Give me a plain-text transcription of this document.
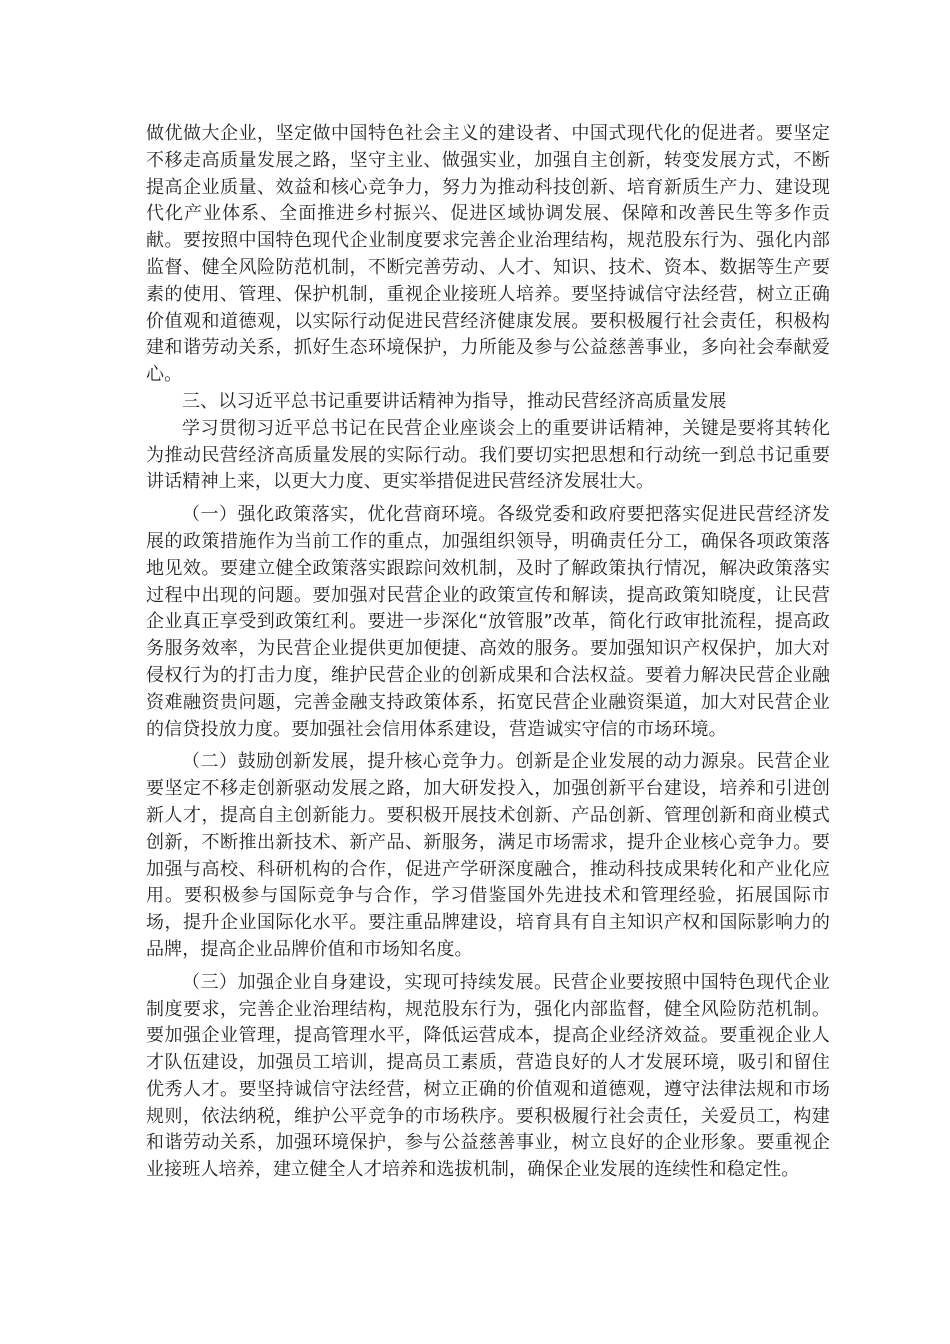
做优做大企业，坚定做中国特色社会主义的建设者、中国式现代化的促进者。要坚定不移走高质量发展之路，坚守主业、做强实业，加强自主创新，转变发展方式，不断提高企业质量、效益和核心竞争力，努力为推动科技创新、培育新质生产力、建设现代化产业体系、全面推进乡村振兴、促进区域协调发展、保障和改善民生等多作贡献。要按照中国特色现代企业制度要求完善企业治理结构，规范股东行为、强化内部监督、健全风险防范机制，不断完善劳动、人才、知识、技术、资本、数据等生产要素的使用、管理、保护机制，重视企业接班人培养。要坚持诚信守法经营，树立正确价值观和道德观，以实际行动促进民营经济健康发展。要积极履行社会责任，积极构建和谐劳动关系，抓好生态环境保护，力所能及参与公益慈善事业，多向社会奉献爱心。

三、以习近平总书记重要讲话精神为指导，推动民营经济高质量发展

学习贯彻习近平总书记在民营企业座谈会上的重要讲话精神，关键是要将其转化为推动民营经济高质量发展的实际行动。我们要切实把思想和行动统一到总书记重要讲话精神上来，以更大力度、更实举措促进民营经济发展壮大。

（一）强化政策落实，优化营商环境。各级党委和政府要把落实促进民营经济发展的政策措施作为当前工作的重点，加强组织领导，明确责任分工，确保各项政策落地见效。要建立健全政策落实跟踪问效机制，及时了解政策执行情况，解决政策落实过程中出现的问题。要加强对民营企业的政策宣传和解读，提高政策知晓度，让民营企业真正享受到政策红利。要进一步深化“放管服”改革，简化行政审批流程，提高政务服务效率，为民营企业提供更加便捷、高效的服务。要加强知识产权保护，加大对侵权行为的打击力度，维护民营企业的创新成果和合法权益。要着力解决民营企业融资难融资贵问题，完善金融支持政策体系，拓宽民营企业融资渠道，加大对民营企业的信贷投放力度。要加强社会信用体系建设，营造诚实守信的市场环境。

（二）鼓励创新发展，提升核心竞争力。创新是企业发展的动力源泉。民营企业要坚定不移走创新驱动发展之路，加大研发投入，加强创新平台建设，培养和引进创新人才，提高自主创新能力。要积极开展技术创新、产品创新、管理创新和商业模式创新，不断推出新技术、新产品、新服务，满足市场需求，提升企业核心竞争力。要加强与高校、科研机构的合作，促进产学研深度融合，推动科技成果转化和产业化应用。要积极参与国际竞争与合作，学习借鉴国外先进技术和管理经验，拓展国际市场，提升企业国际化水平。要注重品牌建设，培育具有自主知识产权和国际影响力的品牌，提高企业品牌价值和市场知名度。

（三）加强企业自身建设，实现可持续发展。民营企业要按照中国特色现代企业制度要求，完善企业治理结构，规范股东行为，强化内部监督，健全风险防范机制。要加强企业管理，提高管理水平，降低运营成本，提高企业经济效益。要重视企业人才队伍建设，加强员工培训，提高员工素质，营造良好的人才发展环境，吸引和留住优秀人才。要坚持诚信守法经营，树立正确的价值观和道德观，遵守法律法规和市场规则，依法纳税，维护公平竞争的市场秩序。要积极履行社会责任，关爱员工，构建和谐劳动关系，加强环境保护，参与公益慈善事业，树立良好的企业形象。要重视企业接班人培养，建立健全人才培养和选拔机制，确保企业发展的连续性和稳定性。
